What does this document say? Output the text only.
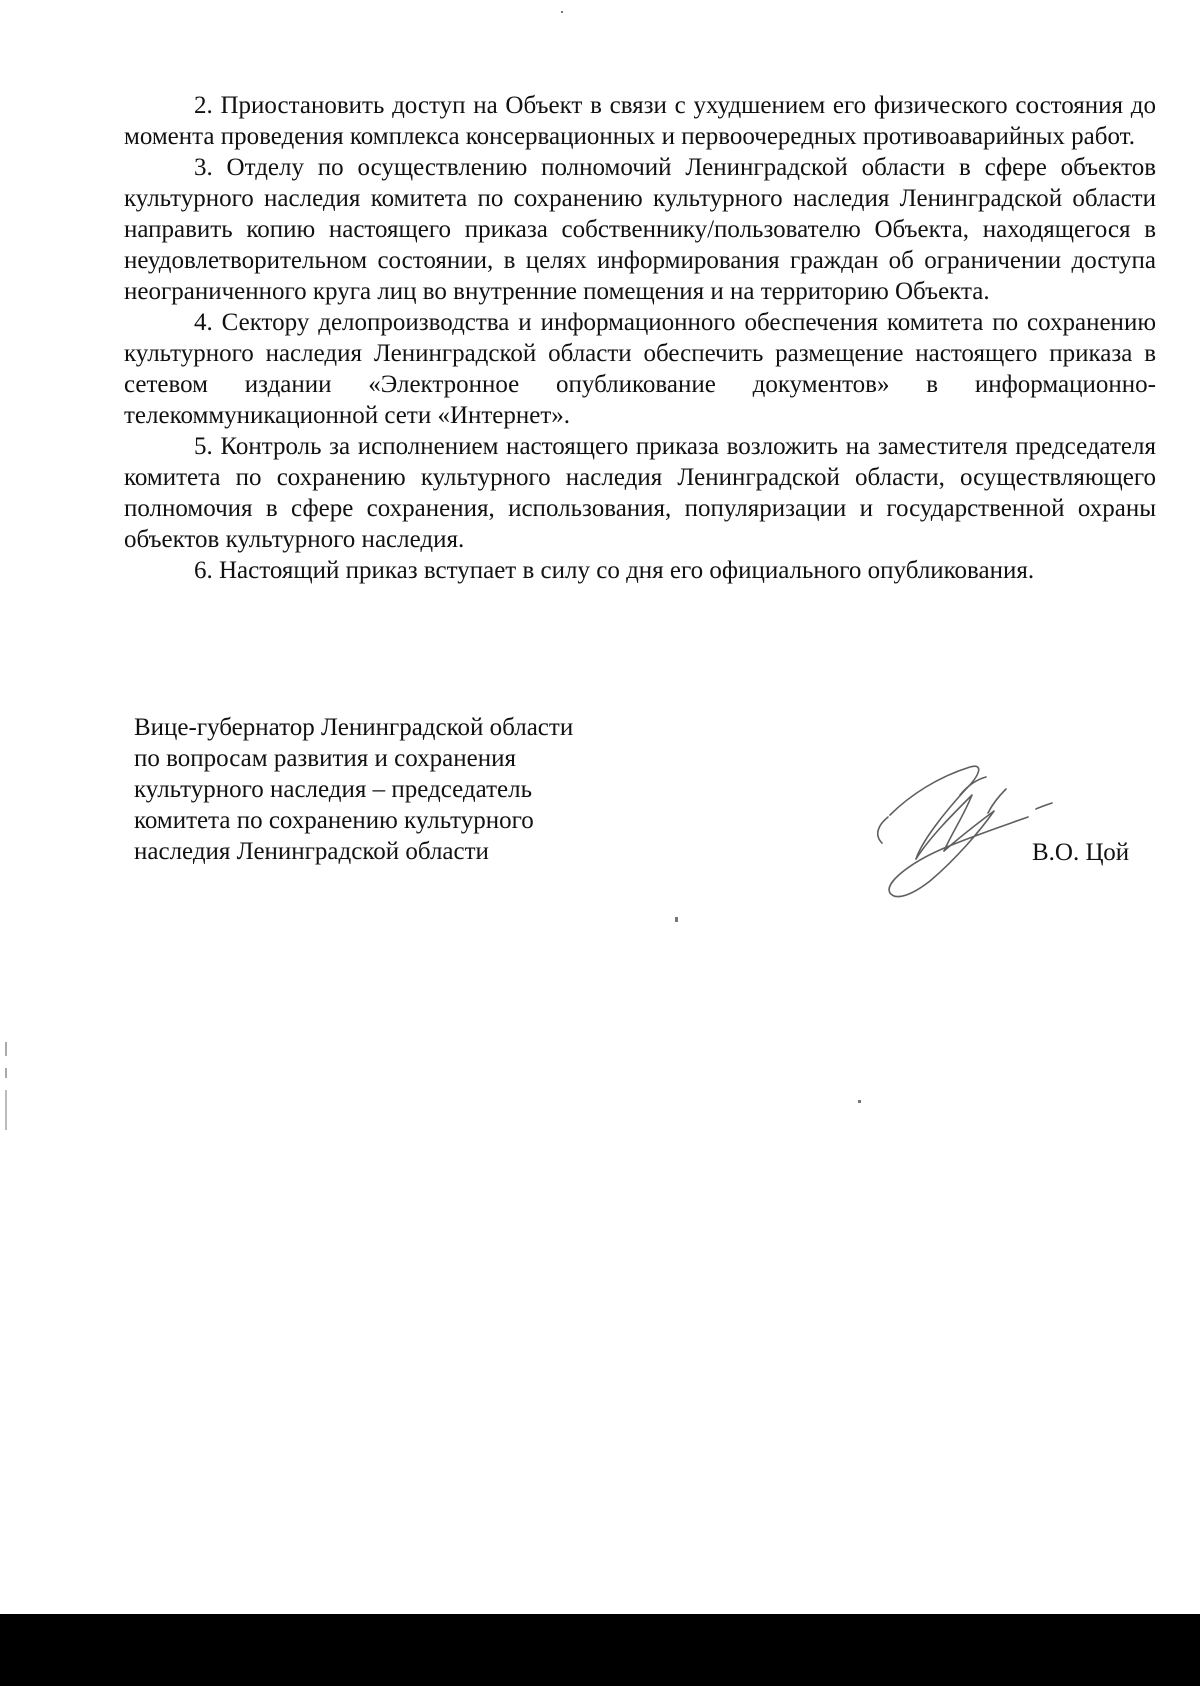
2. Приостановить доступ на Объект в связи с ухудшением его физического состояния до момента проведения комплекса консервационных и первоочередных противоаварийных работ.

3. Отделу по осуществлению полномочий Ленинградской области в сфере объектов культурного наследия комитета по сохранению культурного наследия Ленинградской области направить копию настоящего приказа собственнику/пользователю Объекта, находящегося в неудовлетворительном состоянии, в целях информирования граждан об ограничении доступа неограниченного круга лиц во внутренние помещения и на территорию Объекта.

4. Сектору делопроизводства и информационного обеспечения комитета по сохранению культурного наследия Ленинградской области обеспечить размещение настоящего приказа в сетевом издании «Электронное опубликование документов» в информационно-телекоммуникационной сети «Интернет».

5. Контроль за исполнением настоящего приказа возложить на заместителя председателя комитета по сохранению культурного наследия Ленинградской области, осуществляющего полномочия в сфере сохранения, использования, популяризации и государственной охраны объектов культурного наследия.

6. Настоящий приказ вступает в силу со дня его официального опубликования.

Вице-губернатор Ленинградской области
по вопросам развития и сохранения
культурного наследия – председатель
комитета по сохранению культурного
наследия Ленинградской области	В.О. Цой
